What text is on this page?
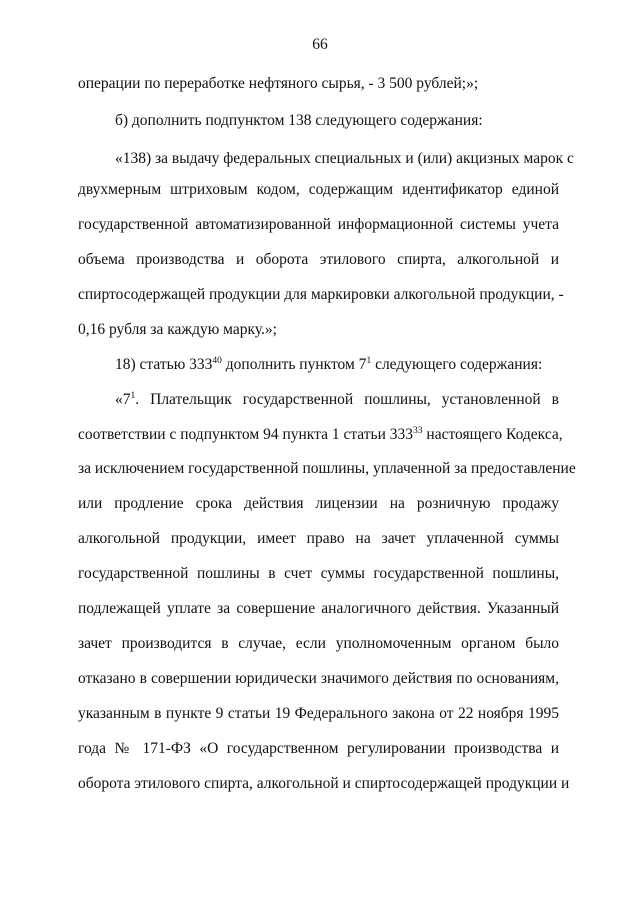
66
операции по переработке нефтяного сырья, - 3 500 рублей;»;
б) дополнить подпунктом 138 следующего содержания:
«138) за выдачу федеральных специальных и (или) акцизных марок с
двухмерным штриховым кодом, содержащим идентификатор единой
государственной автоматизированной информационной системы учета
объема производства и оборота этилового спирта, алкогольной и
спиртосодержащей продукции для маркировки алкогольной продукции, -
0,16 рубля за каждую марку.»;
18) статью $333^{40}$ дополнить пунктом $7^1$ следующего содержания:
«$7^1$. Плательщик государственной пошлины, установленной в
соответствии с подпунктом 94 пункта 1 статьи $333^{33}$ настоящего Кодекса,
за исключением государственной пошлины, уплаченной за предоставление
или продление срока действия лицензии на розничную продажу
алкогольной продукции, имеет право на зачет уплаченной суммы
государственной пошлины в счет суммы государственной пошлины,
подлежащей уплате за совершение аналогичного действия. Указанный
зачет производится в случае, если уполномоченным органом было
отказано в совершении юридически значимого действия по основаниям,
указанным в пункте 9 статьи 19 Федерального закона от 22 ноября 1995
года № 171-ФЗ «О государственном регулировании производства и
оборота этилового спирта, алкогольной и спиртосодержащей продукции и
